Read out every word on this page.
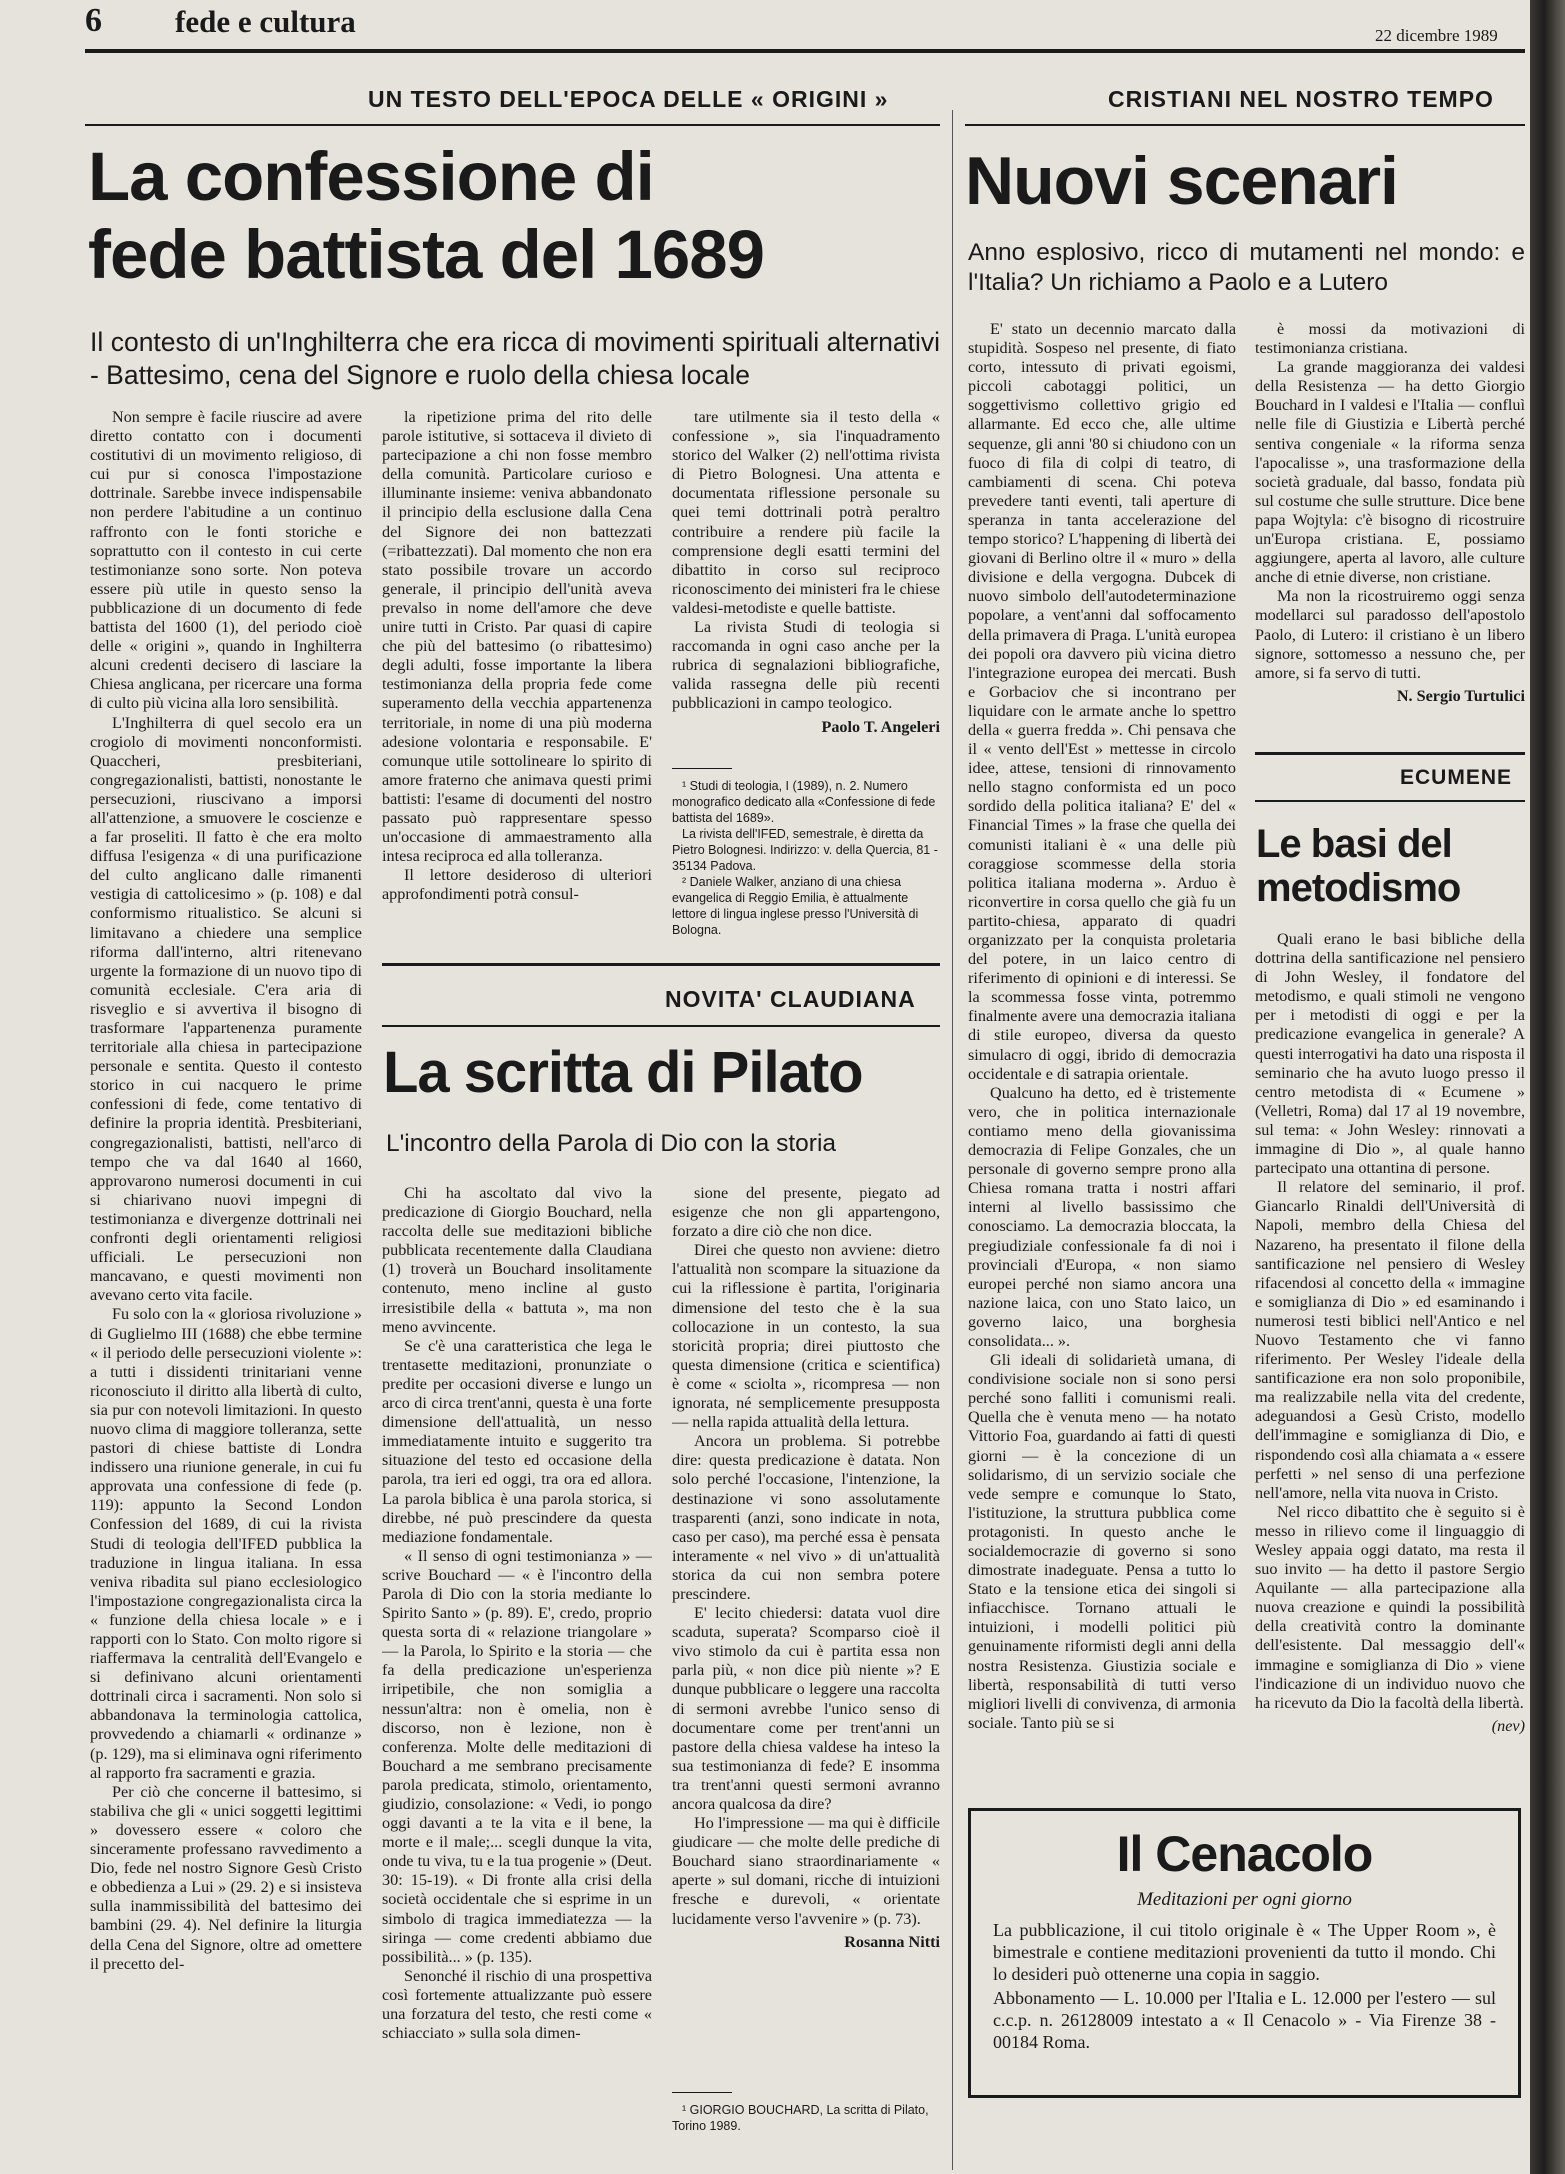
6 fede e cultura	22 dicembre 1989
UN TESTO DELL'EPOCA DELLE « ORIGINI »
La confessione di
fede battista del 1689
Il contesto di un'Inghilterra che era ricca di movimenti spirituali alternativi - Battesimo, cena del Signore e ruolo della chiesa locale

Non sempre è facile riuscire ad avere diretto contatto con i documenti costitutivi di un movimento religioso, di cui pur si conosca l'impostazione dottrinale. Sarebbe invece indispensabile non perdere l'abitudine a un continuo raffronto con le fonti storiche e soprattutto con il contesto in cui certe testimonianze sono sorte. Non poteva essere più utile in questo senso la pubblicazione di un documento di fede battista del 1600 (1), del periodo cioè delle « origini », quando in Inghilterra alcuni credenti decisero di lasciare la Chiesa anglicana, per ricercare una forma di culto più vicina alla loro sensibilità.

L'Inghilterra di quel secolo era un crogiolo di movimenti nonconformisti. Quaccheri, presbiteriani, congregazionalisti, battisti, nonostante le persecuzioni, riuscivano a imporsi all'attenzione, a smuovere le coscienze e a far proseliti. Il fatto è che era molto diffusa l'esigenza « di una purificazione del culto anglicano dalle rimanenti vestigia di cattolicesimo » (p. 108) e dal conformismo ritualistico. Se alcuni si limitavano a chiedere una semplice riforma dall'interno, altri ritenevano urgente la formazione di un nuovo tipo di comunità ecclesiale. C'era aria di risveglio e si avvertiva il bisogno di trasformare l'appartenenza puramente territoriale alla chiesa in partecipazione personale e sentita. Questo il contesto storico in cui nacquero le prime confessioni di fede, come tentativo di definire la propria identità. Presbiteriani, congregazionalisti, battisti, nell'arco di tempo che va dal 1640 al 1660, approvarono numerosi documenti in cui si chiarivano nuovi impegni di testimonianza e divergenze dottrinali nei confronti degli orientamenti religiosi ufficiali. Le persecuzioni non mancavano, e questi movimenti non avevano certo vita facile.

Fu solo con la « gloriosa rivoluzione » di Guglielmo III (1688) che ebbe termine « il periodo delle persecuzioni violente »: a tutti i dissidenti trinitariani venne riconosciuto il diritto alla libertà di culto, sia pur con notevoli limitazioni. In questo nuovo clima di maggiore tolleranza, sette pastori di chiese battiste di Londra indissero una riunione generale, in cui fu approvata una confessione di fede (p. 119): appunto la Second London Confession del 1689, di cui la rivista Studi di teologia dell'IFED pubblica la traduzione in lingua italiana. In essa veniva ribadita sul piano ecclesiologico l'impostazione congregazionalista circa la « funzione della chiesa locale » e i rapporti con lo Stato. Con molto rigore si riaffermava la centralità dell'Evangelo e si definivano alcuni orientamenti dottrinali circa i sacramenti. Non solo si abbandonava la terminologia cattolica, provvedendo a chiamarli « ordinanze » (p. 129), ma si eliminava ogni riferimento al rapporto fra sacramenti e grazia.

Per ciò che concerne il battesimo, si stabiliva che gli « unici soggetti legittimi » dovessero essere « coloro che sinceramente professano ravvedimento a Dio, fede nel nostro Signore Gesù Cristo e obbedienza a Lui » (29. 2) e si insisteva sulla inammissibilità del battesimo dei bambini (29. 4). Nel definire la liturgia della Cena del Signore, oltre ad omettere il precetto del-

la ripetizione prima del rito delle parole istitutive, si sottaceva il divieto di partecipazione a chi non fosse membro della comunità. Particolare curioso e illuminante insieme: veniva abbandonato il principio della esclusione dalla Cena del Signore dei non battezzati (=ribattezzati). Dal momento che non era stato possibile trovare un accordo generale, il principio dell'unità aveva prevalso in nome dell'amore che deve unire tutti in Cristo. Par quasi di capire che più del battesimo (o ribattesimo) degli adulti, fosse importante la libera testimonianza della propria fede come superamento della vecchia appartenenza territoriale, in nome di una più moderna adesione volontaria e responsabile. E' comunque utile sottolineare lo spirito di amore fraterno che animava questi primi battisti: l'esame di documenti del nostro passato può rappresentare spesso un'occasione di ammaestramento alla intesa reciproca ed alla tolleranza.

Il lettore desideroso di ulteriori approfondimenti potrà consul-

tare utilmente sia il testo della « confessione », sia l'inquadramento storico del Walker (2) nell'ottima rivista di Pietro Bolognesi. Una attenta e documentata riflessione personale su quei temi dottrinali potrà peraltro contribuire a rendere più facile la comprensione degli esatti termini del dibattito in corso sul reciproco riconoscimento dei ministeri fra le chiese valdesi-metodiste e quelle battiste.

La rivista Studi di teologia si raccomanda in ogni caso anche per la rubrica di segnalazioni bibliografiche, valida rassegna delle più recenti pubblicazioni in campo teologico.

Paolo T. Angeleri

¹ Studi di teologia, I (1989), n. 2. Numero monografico dedicato alla «Confessione di fede battista del 1689».

La rivista dell'IFED, semestrale, è diretta da Pietro Bolognesi. Indirizzo: v. della Quercia, 81 - 35134 Padova.

² Daniele Walker, anziano di una chiesa evangelica di Reggio Emilia, è attualmente lettore di lingua inglese presso l'Università di Bologna.

NOVITA' CLAUDIANA
La scritta di Pilato
L'incontro della Parola di Dio con la storia

Chi ha ascoltato dal vivo la predicazione di Giorgio Bouchard, nella raccolta delle sue meditazioni bibliche pubblicata recentemente dalla Claudiana (1) troverà un Bouchard insolitamente contenuto, meno incline al gusto irresistibile della « battuta », ma non meno avvincente.

Se c'è una caratteristica che lega le trentasette meditazioni, pronunziate o predite per occasioni diverse e lungo un arco di circa trent'anni, questa è una forte dimensione dell'attualità, un nesso immediatamente intuito e suggerito tra situazione del testo ed occasione della parola, tra ieri ed oggi, tra ora ed allora. La parola biblica è una parola storica, si direbbe, né può prescindere da questa mediazione fondamentale.

« Il senso di ogni testimonianza » — scrive Bouchard — « è l'incontro della Parola di Dio con la storia mediante lo Spirito Santo » (p. 89). E', credo, proprio questa sorta di « relazione triangolare » — la Parola, lo Spirito e la storia — che fa della predicazione un'esperienza irripetibile, che non somiglia a nessun'altra: non è omelia, non è discorso, non è lezione, non è conferenza. Molte delle meditazioni di Bouchard a me sembrano precisamente parola predicata, stimolo, orientamento, giudizio, consolazione: « Vedi, io pongo oggi davanti a te la vita e il bene, la morte e il male;... scegli dunque la vita, onde tu viva, tu e la tua progenie » (Deut. 30: 15-19). « Di fronte alla crisi della società occidentale che si esprime in un simbolo di tragica immediatezza — la siringa — come credenti abbiamo due possibilità... » (p. 135).

Senonché il rischio di una prospettiva così fortemente attualizzante può essere una forzatura del testo, che resti come « schiacciato » sulla sola dimen-

sione del presente, piegato ad esigenze che non gli appartengono, forzato a dire ciò che non dice.

Direi che questo non avviene: dietro l'attualità non scompare la situazione da cui la riflessione è partita, l'originaria dimensione del testo che è la sua collocazione in un contesto, la sua storicità propria; direi piuttosto che questa dimensione (critica e scientifica) è come « sciolta », ricompresa — non ignorata, né semplicemente presupposta — nella rapida attualità della lettura.

Ancora un problema. Si potrebbe dire: questa predicazione è datata. Non solo perché l'occasione, l'intenzione, la destinazione vi sono assolutamente trasparenti (anzi, sono indicate in nota, caso per caso), ma perché essa è pensata interamente « nel vivo » di un'attualità storica da cui non sembra potere prescindere.

E' lecito chiedersi: datata vuol dire scaduta, superata? Scomparso cioè il vivo stimolo da cui è partita essa non parla più, « non dice più niente »? E dunque pubblicare o leggere una raccolta di sermoni avrebbe l'unico senso di documentare come per trent'anni un pastore della chiesa valdese ha inteso la sua testimonianza di fede? E insomma tra trent'anni questi sermoni avranno ancora qualcosa da dire?

Ho l'impressione — ma qui è difficile giudicare — che molte delle prediche di Bouchard siano straordinariamente « aperte » sul domani, ricche di intuizioni fresche e durevoli, « orientate lucidamente verso l'avvenire » (p. 73).

Rosanna Nitti

¹ GIORGIO BOUCHARD, La scritta di Pilato, Torino 1989.

CRISTIANI NEL NOSTRO TEMPO
Nuovi scenari
Anno esplosivo, ricco di mutamenti nel mondo: e l'Italia? Un richiamo a Paolo e a Lutero

E' stato un decennio marcato dalla stupidità. Sospeso nel presente, di fiato corto, intessuto di privati egoismi, piccoli cabotaggi politici, un soggettivismo collettivo grigio ed allarmante. Ed ecco che, alle ultime sequenze, gli anni '80 si chiudono con un fuoco di fila di colpi di teatro, di cambiamenti di scena. Chi poteva prevedere tanti eventi, tali aperture di speranza in tanta accelerazione del tempo storico? L'happening di libertà dei giovani di Berlino oltre il « muro » della divisione e della vergogna. Dubcek di nuovo simbolo dell'autodeterminazione popolare, a vent'anni dal soffocamento della primavera di Praga. L'unità europea dei popoli ora davvero più vicina dietro l'integrazione europea dei mercati. Bush e Gorbaciov che si incontrano per liquidare con le armate anche lo spettro della « guerra fredda ». Chi pensava che il « vento dell'Est » mettesse in circolo idee, attese, tensioni di rinnovamento nello stagno conformista ed un poco sordido della politica italiana? E' del « Financial Times » la frase che quella dei comunisti italiani è « una delle più coraggiose scommesse della storia politica italiana moderna ». Arduo è riconvertire in corsa quello che già fu un partito-chiesa, apparato di quadri organizzato per la conquista proletaria del potere, in un laico centro di riferimento di opinioni e di interessi. Se la scommessa fosse vinta, potremmo finalmente avere una democrazia italiana di stile europeo, diversa da questo simulacro di oggi, ibrido di democrazia occidentale e di satrapia orientale.

Qualcuno ha detto, ed è tristemente vero, che in politica internazionale contiamo meno della giovanissima democrazia di Felipe Gonzales, che un personale di governo sempre prono alla Chiesa romana tratta i nostri affari interni al livello bassissimo che conosciamo. La democrazia bloccata, la pregiudiziale confessionale fa di noi i provinciali d'Europa, « non siamo europei perché non siamo ancora una nazione laica, con uno Stato laico, un governo laico, una borghesia consolidata... ».

Gli ideali di solidarietà umana, di condivisione sociale non si sono persi perché sono falliti i comunismi reali. Quella che è venuta meno — ha notato Vittorio Foa, guardando ai fatti di questi giorni — è la concezione di un solidarismo, di un servizio sociale che vede sempre e comunque lo Stato, l'istituzione, la struttura pubblica come protagonisti. In questo anche le socialdemocrazie di governo si sono dimostrate inadeguate. Pensa a tutto lo Stato e la tensione etica dei singoli si infiacchisce. Tornano attuali le intuizioni, i modelli politici più genuinamente riformisti degli anni della nostra Resistenza. Giustizia sociale e libertà, responsabilità di tutti verso migliori livelli di convivenza, di armonia sociale. Tanto più se si

è mossi da motivazioni di testimonianza cristiana.

La grande maggioranza dei valdesi della Resistenza — ha detto Giorgio Bouchard in I valdesi e l'Italia — confluì nelle file di Giustizia e Libertà perché sentiva congeniale « la riforma senza l'apocalisse », una trasformazione della società graduale, dal basso, fondata più sul costume che sulle strutture. Dice bene papa Wojtyla: c'è bisogno di ricostruire un'Europa cristiana. E, possiamo aggiungere, aperta al lavoro, alle culture anche di etnie diverse, non cristiane.

Ma non la ricostruiremo oggi senza modellarci sul paradosso dell'apostolo Paolo, di Lutero: il cristiano è un libero signore, sottomesso a nessuno che, per amore, si fa servo di tutti.

N. Sergio Turtulici

ECUMENE
Le basi del
metodismo

Quali erano le basi bibliche della dottrina della santificazione nel pensiero di John Wesley, il fondatore del metodismo, e quali stimoli ne vengono per i metodisti di oggi e per la predicazione evangelica in generale? A questi interrogativi ha dato una risposta il seminario che ha avuto luogo presso il centro metodista di « Ecumene » (Velletri, Roma) dal 17 al 19 novembre, sul tema: « John Wesley: rinnovati a immagine di Dio », al quale hanno partecipato una ottantina di persone.

Il relatore del seminario, il prof. Giancarlo Rinaldi dell'Università di Napoli, membro della Chiesa del Nazareno, ha presentato il filone della santificazione nel pensiero di Wesley rifacendosi al concetto della « immagine e somiglianza di Dio » ed esaminando i numerosi testi biblici nell'Antico e nel Nuovo Testamento che vi fanno riferimento. Per Wesley l'ideale della santificazione era non solo proponibile, ma realizzabile nella vita del credente, adeguandosi a Gesù Cristo, modello dell'immagine e somiglianza di Dio, e rispondendo così alla chiamata a « essere perfetti » nel senso di una perfezione nell'amore, nella vita nuova in Cristo.

Nel ricco dibattito che è seguito si è messo in rilievo come il linguaggio di Wesley appaia oggi datato, ma resta il suo invito — ha detto il pastore Sergio Aquilante — alla partecipazione alla nuova creazione e quindi la possibilità della creatività contro la dominante dell'esistente. Dal messaggio dell'« immagine e somiglianza di Dio » viene l'indicazione di un individuo nuovo che ha ricevuto da Dio la facoltà della libertà.

(nev)

Il Cenacolo
Meditazioni per ogni giorno
La pubblicazione, il cui titolo originale è « The Upper Room », è bimestrale e contiene meditazioni provenienti da tutto il mondo. Chi lo desideri può ottenerne una copia in saggio.
Abbonamento — L. 10.000 per l'Italia e L. 12.000 per l'estero — sul c.c.p. n. 26128009 intestato a « Il Cenacolo » - Via Firenze 38 - 00184 Roma.
